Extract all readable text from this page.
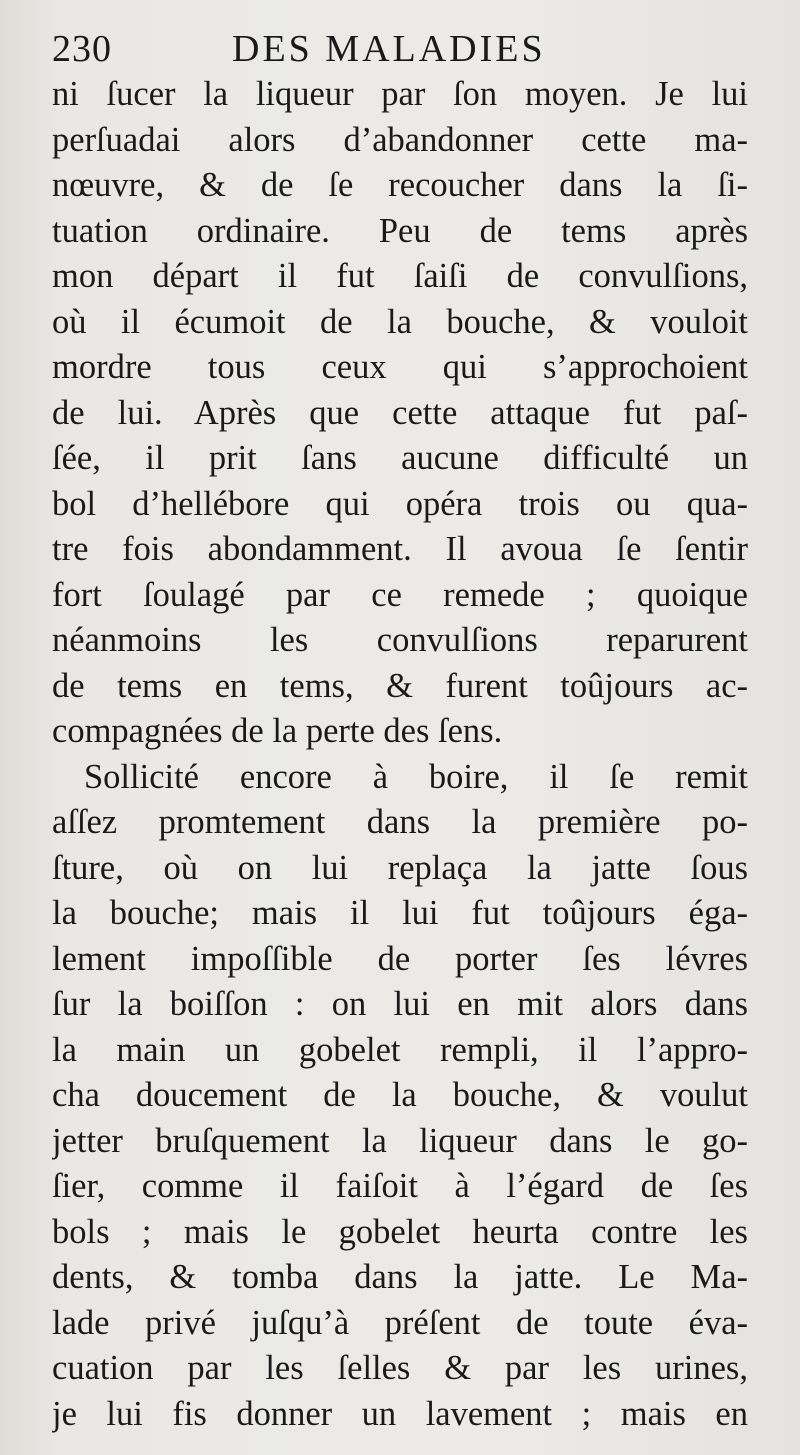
230	DES MALADIES
ni ſucer la liqueur par ſon moyen. Je lui
perſuadai alors d’abandonner cette ma-
nœuvre, & de ſe recoucher dans la ſi-
tuation ordinaire. Peu de tems après
mon départ il fut ſaiſi de convulſions,
où il écumoit de la bouche, & vouloit
mordre tous ceux qui s’approchoient
de lui. Après que cette attaque fut paſ-
ſée, il prit ſans aucune difficulté un
bol d’hellébore qui opéra trois ou qua-
tre fois abondamment. Il avoua ſe ſentir
fort ſoulagé par ce remede ; quoique
néanmoins les convulſions reparurent
de tems en tems, & furent toûjours ac-
compagnées de la perte des ſens.
Sollicité encore à boire, il ſe remit
aſſez promtement dans la première po-
ſture, où on lui replaça la jatte ſous
la bouche; mais il lui fut toûjours éga-
lement impoſſible de porter ſes lévres
ſur la boiſſon : on lui en mit alors dans
la main un gobelet rempli, il l’appro-
cha doucement de la bouche, & voulut
jetter bruſquement la liqueur dans le go-
ſier, comme il faiſoit à l’égard de ſes
bols ; mais le gobelet heurta contre les
dents, & tomba dans la jatte. Le Ma-
lade privé juſqu’à préſent de toute éva-
cuation par les ſelles & par les urines,
je lui fis donner un lavement ; mais en
